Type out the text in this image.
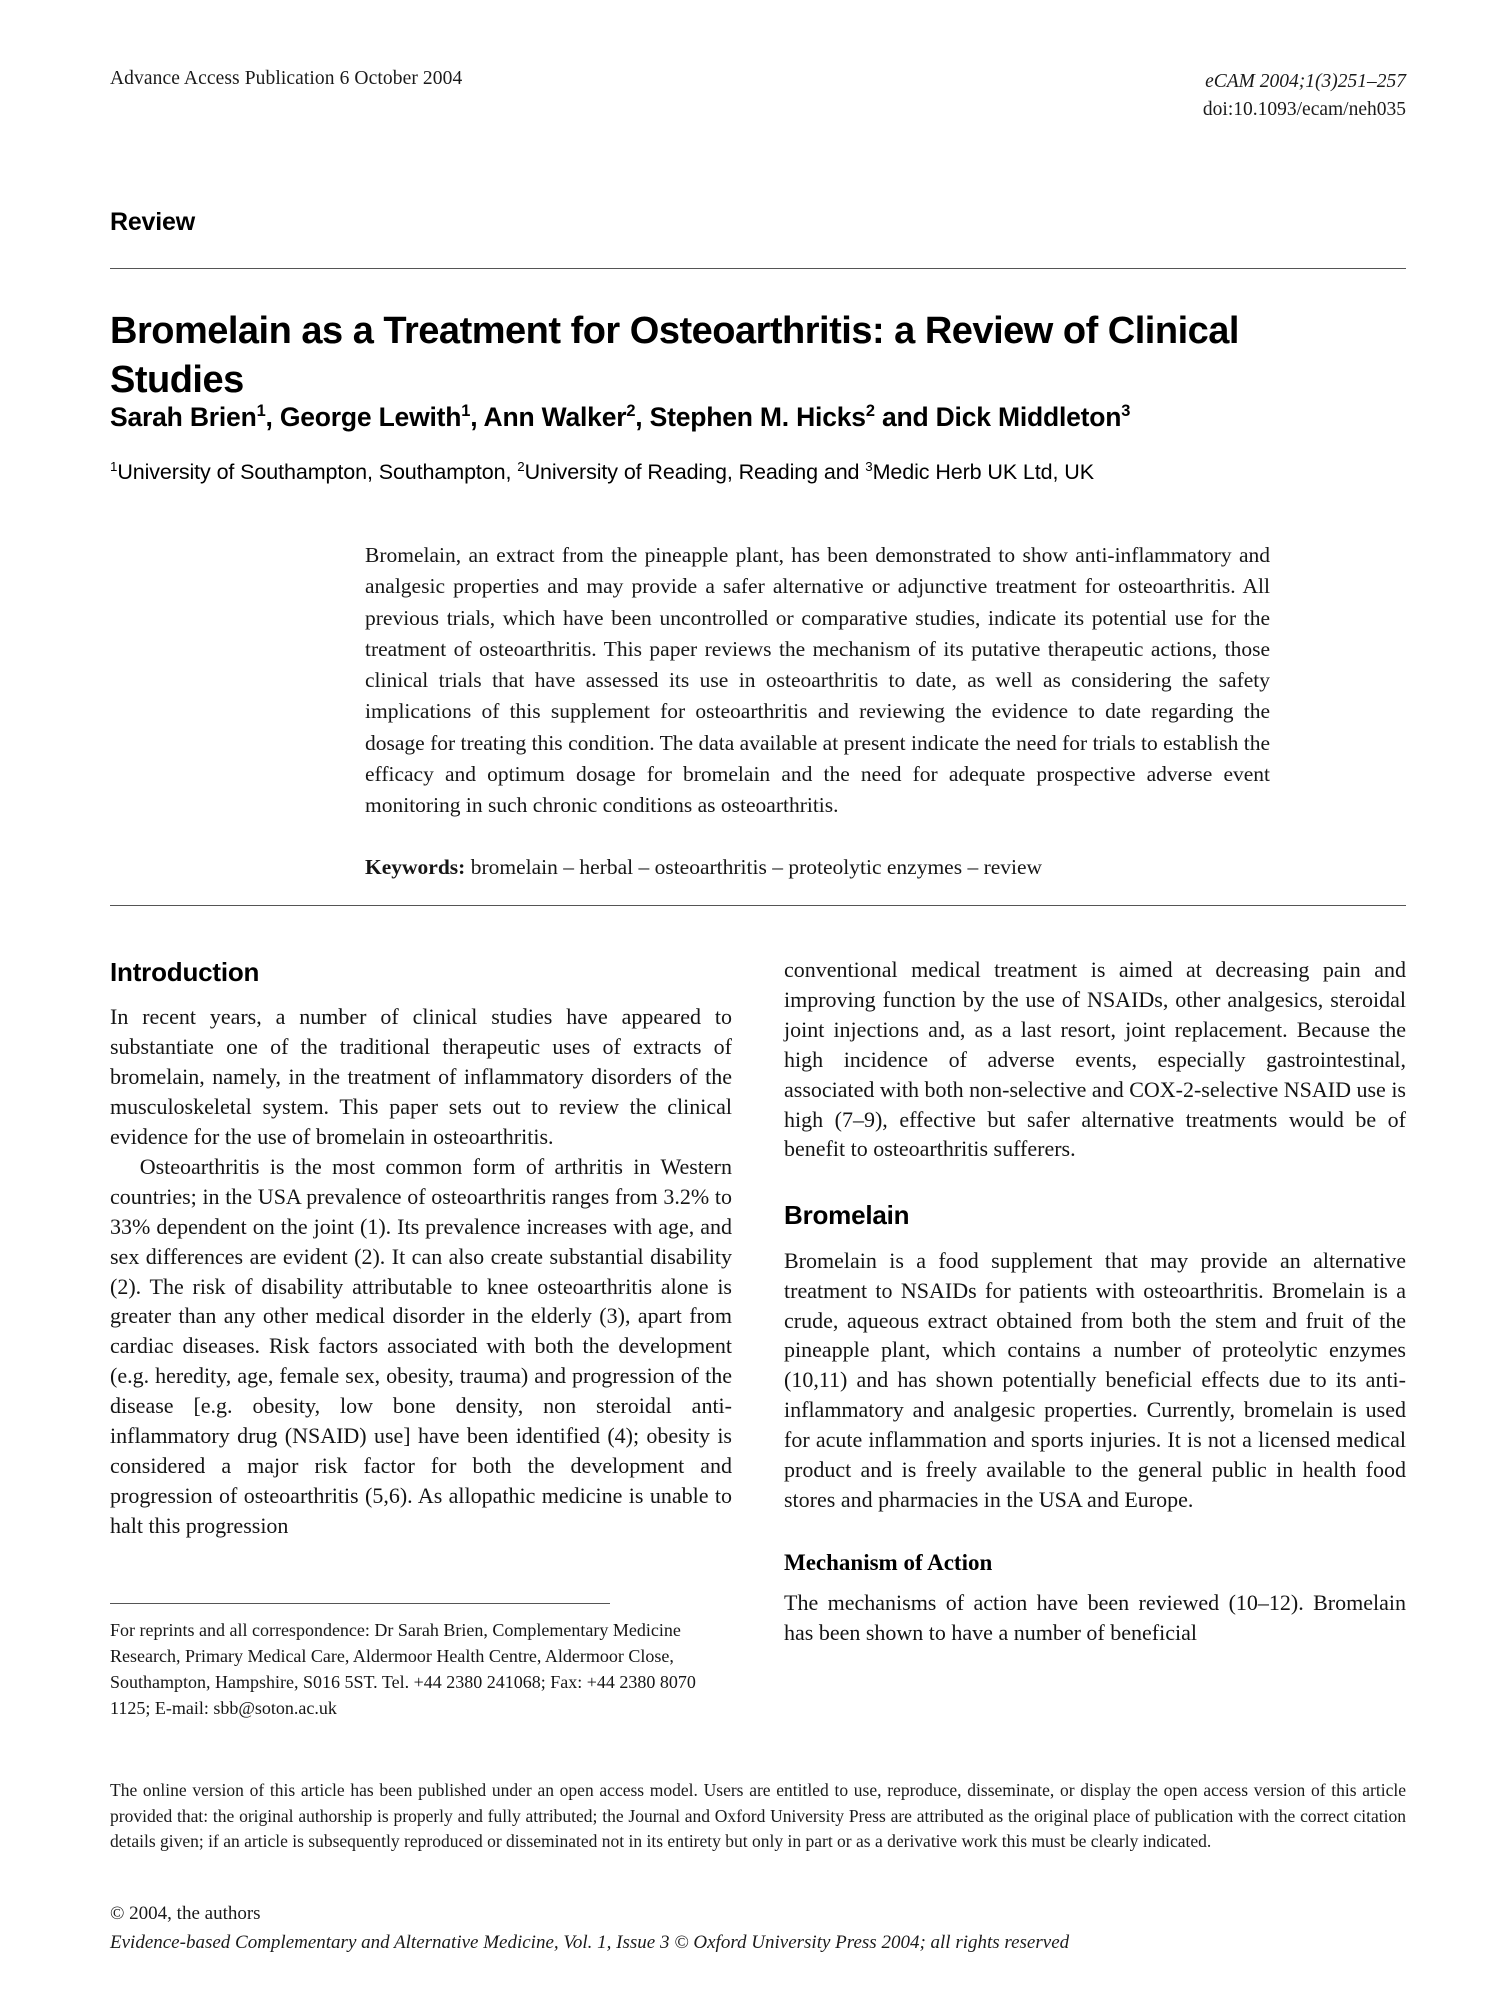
Advance Access Publication 6 October 2004	eCAM 2004;1(3)251–257
doi:10.1093/ecam/neh035
Review
Bromelain as a Treatment for Osteoarthritis: a Review of Clinical Studies
Sarah Brien$^1$, George Lewith$^1$, Ann Walker$^2$, Stephen M. Hicks$^2$ and Dick Middleton$^3$
$^1$University of Southampton, Southampton, $^2$University of Reading, Reading and $^3$Medic Herb UK Ltd, UK
Bromelain, an extract from the pineapple plant, has been demonstrated to show anti-inflammatory and analgesic properties and may provide a safer alternative or adjunctive treatment for osteoarthritis. All previous trials, which have been uncontrolled or comparative studies, indicate its potential use for the treatment of osteoarthritis. This paper reviews the mechanism of its putative therapeutic actions, those clinical trials that have assessed its use in osteoarthritis to date, as well as considering the safety implications of this supplement for osteoarthritis and reviewing the evidence to date regarding the dosage for treating this condition. The data available at present indicate the need for trials to establish the efficacy and optimum dosage for bromelain and the need for adequate prospective adverse event monitoring in such chronic conditions as osteoarthritis.
Keywords: bromelain – herbal – osteoarthritis – proteolytic enzymes – review
Introduction

In recent years, a number of clinical studies have appeared to substantiate one of the traditional therapeutic uses of extracts of bromelain, namely, in the treatment of inflammatory disorders of the musculoskeletal system. This paper sets out to review the clinical evidence for the use of bromelain in osteoarthritis.

Osteoarthritis is the most common form of arthritis in Western countries; in the USA prevalence of osteoarthritis ranges from 3.2% to 33% dependent on the joint (1). Its prevalence increases with age, and sex differences are evident (2). It can also create substantial disability (2). The risk of disability attributable to knee osteoarthritis alone is greater than any other medical disorder in the elderly (3), apart from cardiac diseases. Risk factors associated with both the development (e.g. heredity, age, female sex, obesity, trauma) and progression of the disease [e.g. obesity, low bone density, non steroidal anti-inflammatory drug (NSAID) use] have been identified (4); obesity is considered a major risk factor for both the development and progression of osteoarthritis (5,6). As allopathic medicine is unable to halt this progression

conventional medical treatment is aimed at decreasing pain and improving function by the use of NSAIDs, other analgesics, steroidal joint injections and, as a last resort, joint replacement. Because the high incidence of adverse events, especially gastrointestinal, associated with both non-selective and COX-2-selective NSAID use is high (7–9), effective but safer alternative treatments would be of benefit to osteoarthritis sufferers.

Bromelain

Bromelain is a food supplement that may provide an alternative treatment to NSAIDs for patients with osteoarthritis. Bromelain is a crude, aqueous extract obtained from both the stem and fruit of the pineapple plant, which contains a number of proteolytic enzymes (10,11) and has shown potentially beneficial effects due to its anti-inflammatory and analgesic properties. Currently, bromelain is used for acute inflammation and sports injuries. It is not a licensed medical product and is freely available to the general public in health food stores and pharmacies in the USA and Europe.

Mechanism of Action

The mechanisms of action have been reviewed (10–12). Bromelain has been shown to have a number of beneficial

For reprints and all correspondence: Dr Sarah Brien, Complementary Medicine Research, Primary Medical Care, Aldermoor Health Centre, Aldermoor Close, Southampton, Hampshire, S016 5ST. Tel. +44 2380 241068; Fax: +44 2380 8070 1125; E-mail: sbb@soton.ac.uk
The online version of this article has been published under an open access model. Users are entitled to use, reproduce, disseminate, or display the open access version of this article provided that: the original authorship is properly and fully attributed; the Journal and Oxford University Press are attributed as the original place of publication with the correct citation details given; if an article is subsequently reproduced or disseminated not in its entirety but only in part or as a derivative work this must be clearly indicated.
© 2004, the authors
Evidence-based Complementary and Alternative Medicine, Vol. 1, Issue 3 © Oxford University Press 2004; all rights reserved
